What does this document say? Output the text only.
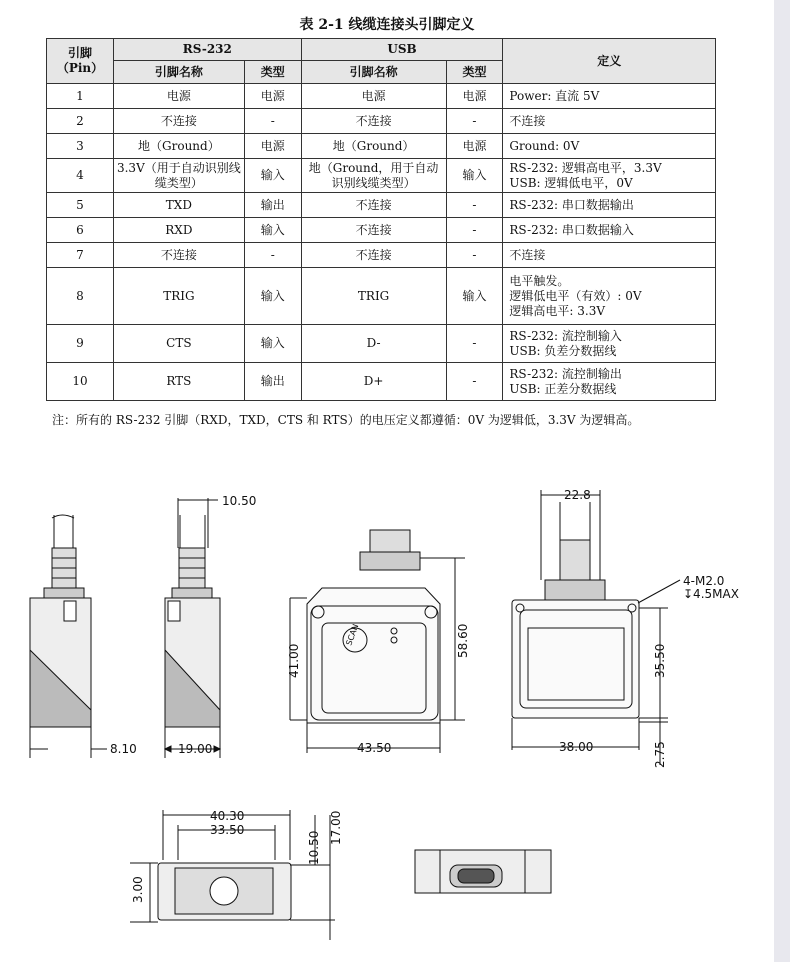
表 2-1 线缆连接头引脚定义
引脚
（Pin）	RS-232		USB		定义
	引脚名称	类型	引脚名称	类型	
1	电源	电源	电源	电源	Power: 直流 5V

2	不连接	-	不连接	-	不连接

3	地（Ground）	电源	地（Ground）	电源	Ground: 0V

4	3.3V（用于自动识别线缆类型）	输入	地（Ground，用于自动识别线缆类型）	输入	RS-232: 逻辑高电平，3.3V
USB: 逻辑低电平，0V

5	TXD	输出	不连接	-	RS-232: 串口数据输出

6	RXD	输入	不连接	-	RS-232: 串口数据输入

7	不连接	-	不连接	-	不连接

8	TRIG	输入	TRIG	输入	电平触发。
逻辑低电平（有效）: 0V
逻辑高电平: 3.3V

9	CTS	输入	D-	-	RS-232: 流控制输入
USB: 负差分数据线

10	RTS	输出	D+	-	RS-232: 流控制输出
USB: 正差分数据线
注：所有的 RS-232 引脚（RXD，TXD，CTS 和 RTS）的电压定义都遵循：0V 为逻辑低，3.3V 为逻辑高。
8.10
10.50
19.00
41.00
58.60
43.50
22.8
38.00
35.50
2.75
4-M2.0
↧4.5MAX
40.30
33.50
10.50
17.00
3.00
SCAN
